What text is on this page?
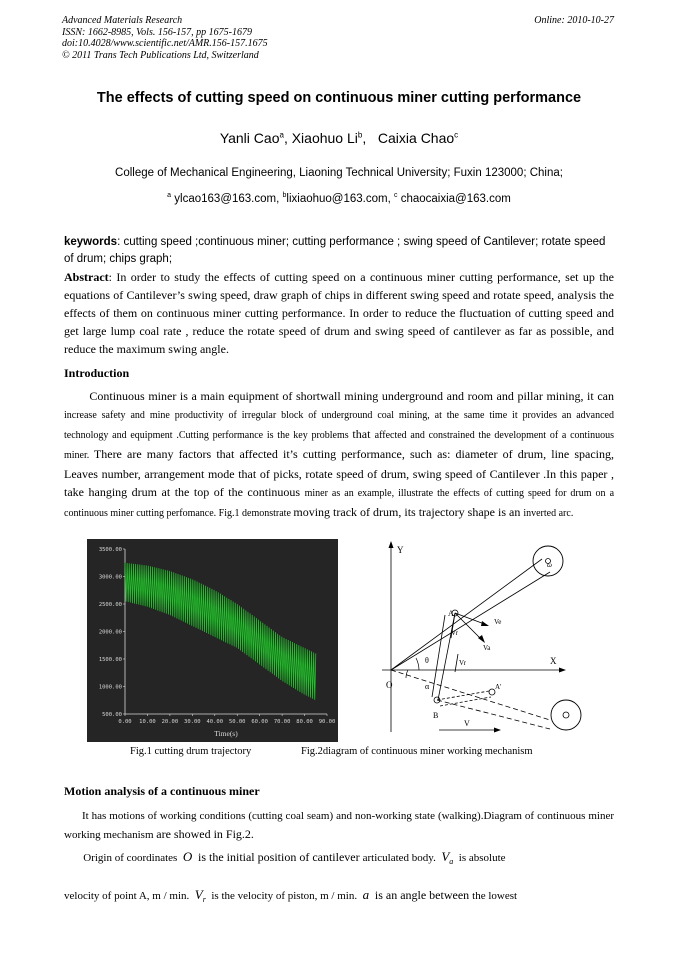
Advanced Materials Research
ISSN: 1662-8985, Vols. 156-157, pp 1675-1679
doi:10.4028/www.scientific.net/AMR.156-157.1675
© 2011 Trans Tech Publications Ltd, Switzerland
Online: 2010-10-27
The effects of cutting speed on continuous miner cutting performance
Yanli Cao$^a$, Xiaohuo Li$^b$,   Caixia Chao$^c$
College of Mechanical Engineering, Liaoning Technical University; Fuxin 123000; China;
$^a$ ylcao163@163.com, $^b$lixiaohuo@163.com, $^c$ chaocaixia@163.com
keywords: cutting speed ;continuous miner; cutting performance ; swing speed of Cantilever; rotate speed of drum; chips graph;
Abstract: In order to study the effects of cutting speed on a continuous miner cutting performance, set up the equations of Cantilever’s swing speed, draw graph of chips in different swing speed and rotate speed, analysis the effects of them on continuous miner cutting performance. In order to reduce the fluctuation of cutting speed and get large lump coal rate , reduce the rotate speed of drum and swing speed of cantilever as far as possible, and reduce the maximum swing angle.
Introduction
Continuous miner is a main equipment of shortwall mining underground and room and pillar mining, it can increase safety and mine productivity of irregular block of underground coal mining, at the same time it provides an advanced technology and equipment .Cutting performance is the key problems that affected and constrained the development of a continuous miner. There are many factors that affected it’s cutting performance, such as: diameter of drum, line spacing, Leaves number, arrangement mode that of picks, rotate speed of drum, swing speed of Cantilever .In this paper , take hanging drum at the top of the continuous miner as an example, illustrate the effects of cutting speed for drum on a continuous miner cutting perfomance. Fig.1 demonstrate moving track of drum, its trajectory shape is an inverted arc.
500.00
1000.00
1500.00
2000.00
2500.00
3000.00
3500.00
0.00 10.00 20.00 30.00 40.00 50.00 60.00 70.00 80.00 90.00
Time(s)
Y
X
O
ω
A
B
Ve
Va
Vr
Vr
θ
α	A'
V
Fig.1 cutting drum trajectory	Fig.2diagram of continuous miner working mechanism
Motion analysis of a continuous miner
It has motions of working conditions (cutting coal seam) and non-working state (walking).Diagram of continuous miner working mechanism are showed in Fig.2.
Origin of coordinates  O  is the initial position of cantilever articulated body.  $V_a$  is absolute
velocity of point A, m / min.  $V_r$  is the velocity of piston, m / min.  a  is an angle between the lowest
